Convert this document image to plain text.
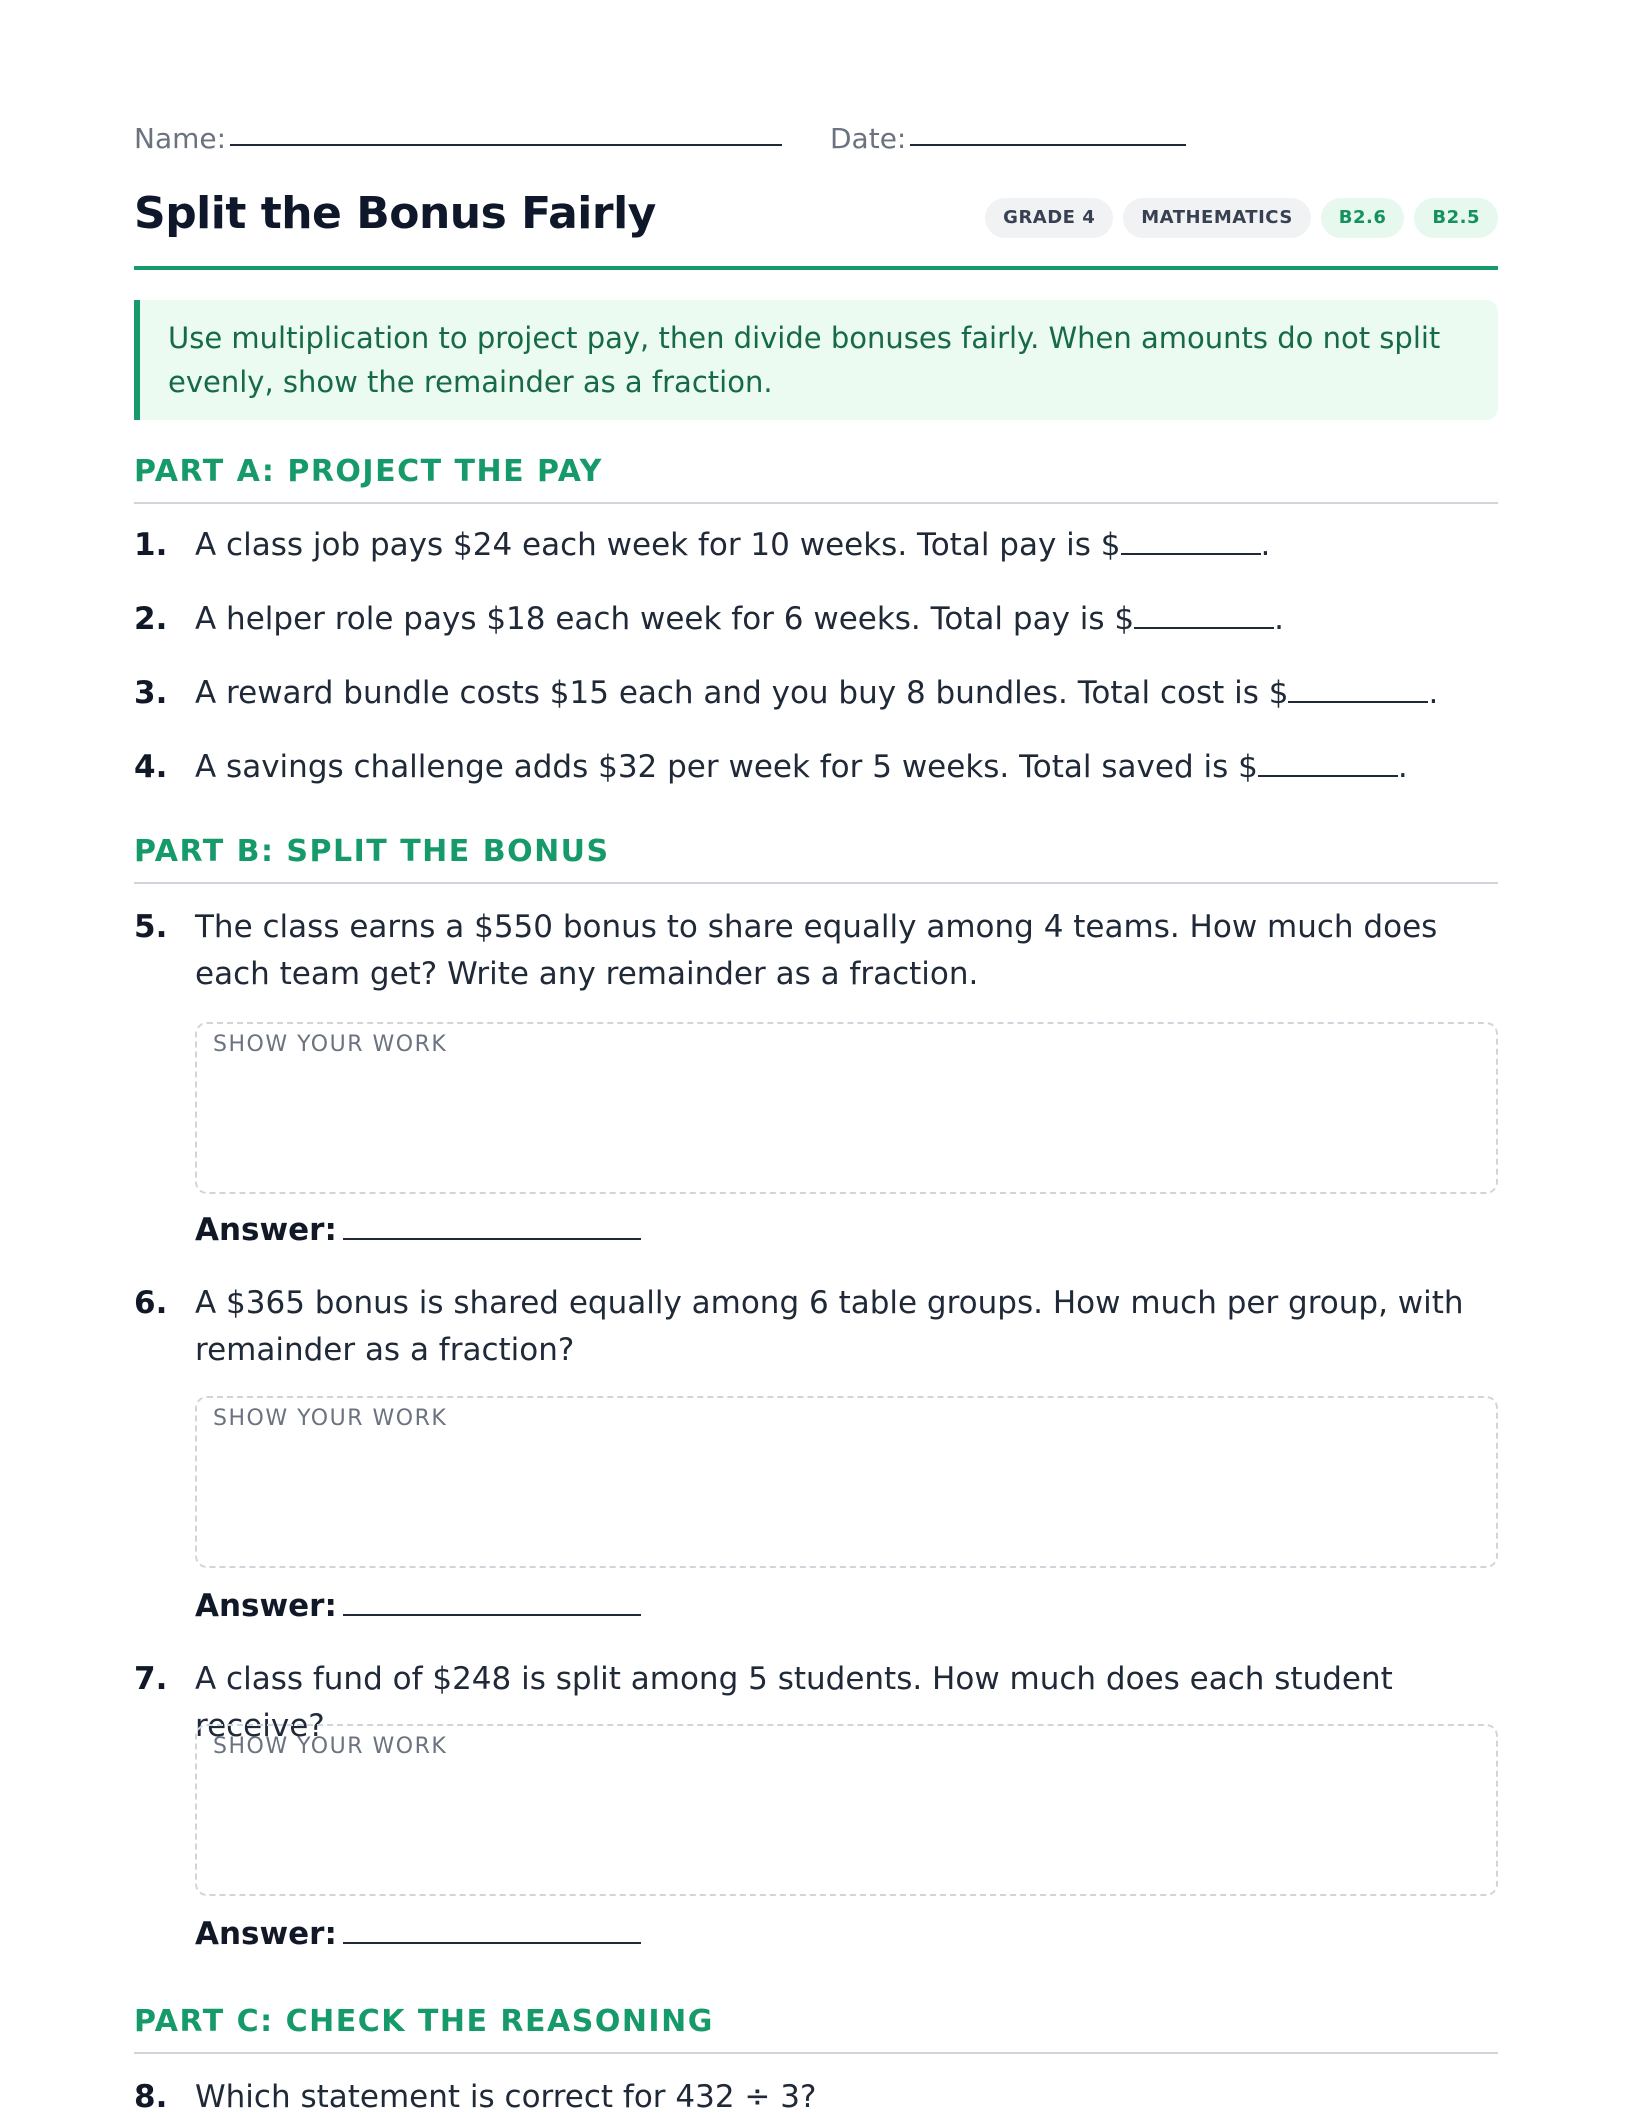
Name:	Date:
Split the Bonus Fairly	GRADE 4	MATHEMATICS	B2.6	B2.5
Use multiplication to project pay, then divide bonuses fairly. When amounts do not split evenly, show the remainder as a fraction.
PART A: PROJECT THE PAY
1. A class job pays $24 each week for 10 weeks. Total pay is $	.
2. A helper role pays $18 each week for 6 weeks. Total pay is $	.
3. A reward bundle costs $15 each and you buy 8 bundles. Total cost is $	.
4. A savings challenge adds $32 per week for 5 weeks. Total saved is $	.
PART B: SPLIT THE BONUS
5. The class earns a $550 bonus to share equally among 4 teams. How much does each team get? Write any remainder as a fraction.
SHOW YOUR WORK
Answer:
6. A $365 bonus is shared equally among 6 table groups. How much per group, with remainder as a fraction?
SHOW YOUR WORK
Answer:
7. A class fund of $248 is split among 5 students. How much does each student receive?
SHOW YOUR WORK
Answer:
PART C: CHECK THE REASONING
8. Which statement is correct for 432 ÷ 3?
